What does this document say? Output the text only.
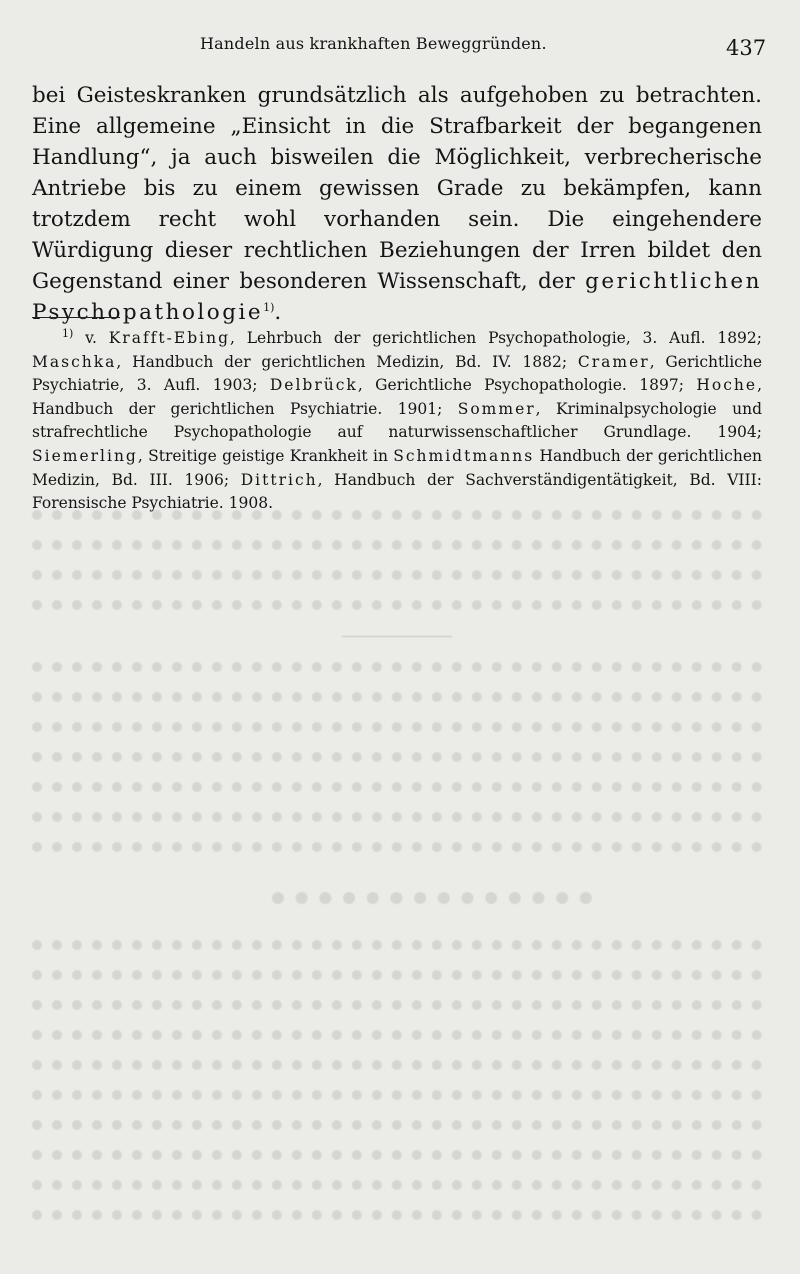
Handeln aus krankhaften Beweggründen.	437

bei Geisteskranken grundsätzlich als aufgehoben zu betrachten. Eine allgemeine „Einsicht in die Strafbarkeit der begangenen Handlung“, ja auch bisweilen die Möglichkeit, verbrecherische Antriebe bis zu einem gewissen Grade zu bekämpfen, kann trotzdem recht wohl vorhanden sein. Die eingehendere Würdigung dieser rechtlichen Beziehungen der Irren bildet den Gegenstand einer besonderen Wissenschaft, der gerichtlichen Psychopathologie$^{1)}$.

$^{1)}$ v. Krafft-Ebing, Lehrbuch der gerichtlichen Psychopathologie, 3. Aufl. 1892; Maschka, Handbuch der gerichtlichen Medizin, Bd. IV. 1882; Cramer, Gerichtliche Psychiatrie, 3. Aufl. 1903; Delbrück, Gerichtliche Psychopathologie. 1897; Hoche, Handbuch der gerichtlichen Psychiatrie. 1901; Sommer, Kriminalpsychologie und strafrechtliche Psychopathologie auf naturwissenschaftlicher Grundlage. 1904; Siemerling, Streitige geistige Krankheit in Schmidtmanns Handbuch der gerichtlichen Medizin, Bd. III. 1906; Dittrich, Handbuch der Sachverständigentätigkeit, Bd. VIII: Forensische Psychiatrie. 1908.
